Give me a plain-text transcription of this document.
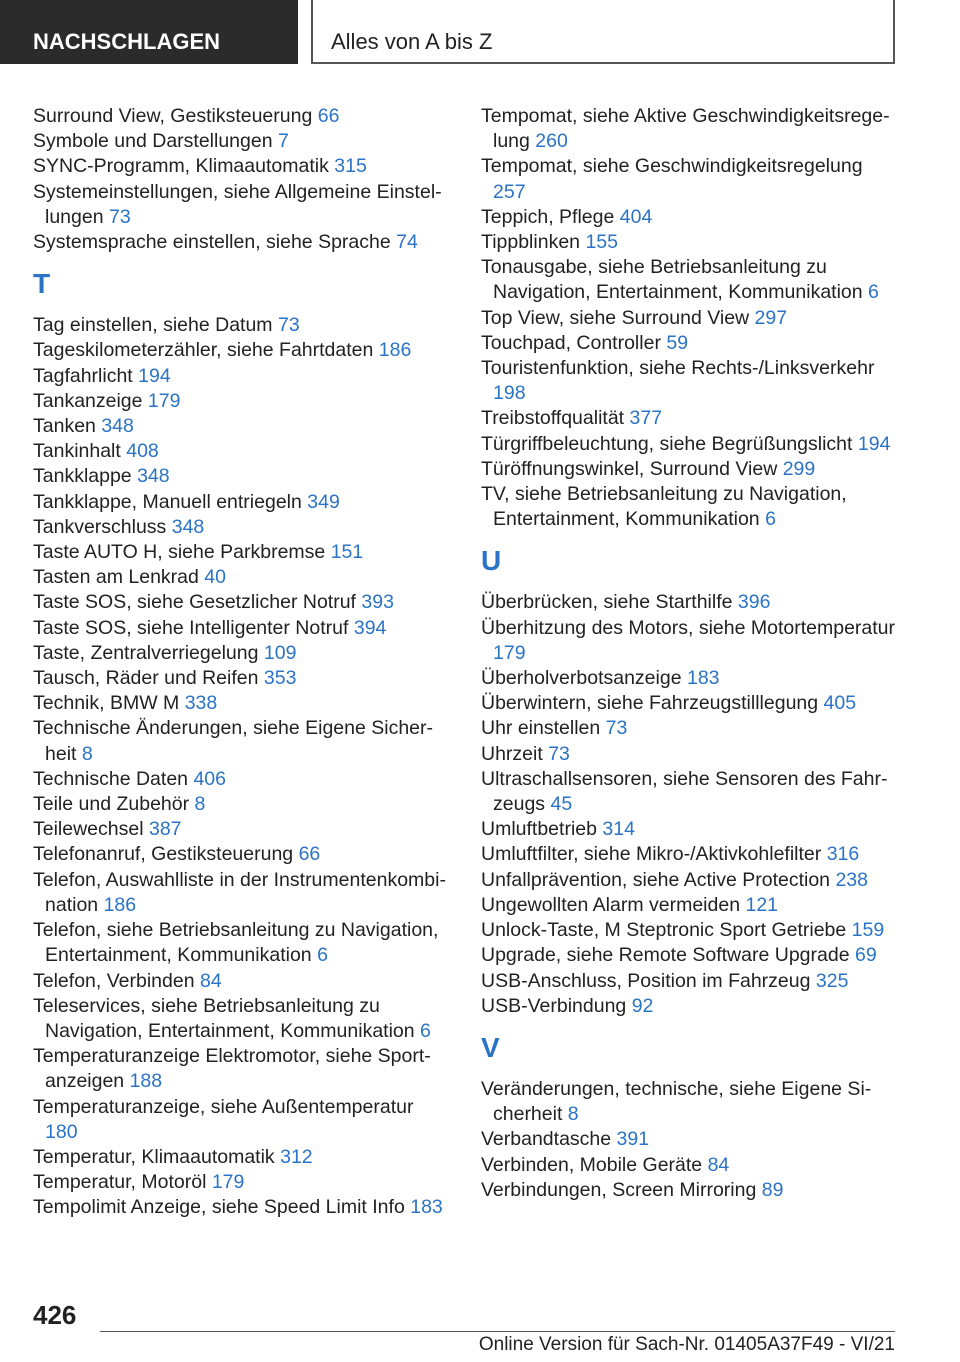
NACHSCHLAGEN	Alles von A bis Z
Surround View, Gestiksteuerung 66
Symbole und Darstellungen 7
SYNC-Programm, Klimaautomatik 315
Systemeinstellungen, siehe Allgemeine Einstellungen 73
Systemsprache einstellen, siehe Sprache 74
T
Tag einstellen, siehe Datum 73
Tageskilometerzähler, siehe Fahrtdaten 186
Tagfahrlicht 194
Tankanzeige 179
Tanken 348
Tankinhalt 408
Tankklappe 348
Tankklappe, Manuell entriegeln 349
Tankverschluss 348
Taste AUTO H, siehe Parkbremse 151
Tasten am Lenkrad 40
Taste SOS, siehe Gesetzlicher Notruf 393
Taste SOS, siehe Intelligenter Notruf 394
Taste, Zentralverriegelung 109
Tausch, Räder und Reifen 353
Technik, BMW M 338
Technische Änderungen, siehe Eigene Sicherheit 8
Technische Daten 406
Teile und Zubehör 8
Teilewechsel 387
Telefonanruf, Gestiksteuerung 66
Telefon, Auswahlliste in der Instrumentenkombination 186
Telefon, siehe Betriebsanleitung zu Navigation, Entertainment, Kommunikation 6
Telefon, Verbinden 84
Teleservices, siehe Betriebsanleitung zu Navigation, Entertainment, Kommunikation 6
Temperaturanzeige Elektromotor, siehe Sportanzeigen 188
Temperaturanzeige, siehe Außentemperatur 180
Temperatur, Klimaautomatik 312
Temperatur, Motoröl 179
Tempolimit Anzeige, siehe Speed Limit Info 183
Tempomat, siehe Aktive Geschwindigkeitsregelung 260
Tempomat, siehe Geschwindigkeitsregelung 257
Teppich, Pflege 404
Tippblinken 155
Tonausgabe, siehe Betriebsanleitung zu Navigation, Entertainment, Kommunikation 6
Top View, siehe Surround View 297
Touchpad, Controller 59
Touristenfunktion, siehe Rechts-/Linksverkehr 198
Treibstoffqualität 377
Türgriffbeleuchtung, siehe Begrüßungslicht 194
Türöffnungswinkel, Surround View 299
TV, siehe Betriebsanleitung zu Navigation, Entertainment, Kommunikation 6
U
Überbrücken, siehe Starthilfe 396
Überhitzung des Motors, siehe Motortemperatur 179
Überholverbotsanzeige 183
Überwintern, siehe Fahrzeugstilllegung 405
Uhr einstellen 73
Uhrzeit 73
Ultraschallsensoren, siehe Sensoren des Fahrzeugs 45
Umluftbetrieb 314
Umluftfilter, siehe Mikro-/Aktivkohlefilter 316
Unfallprävention, siehe Active Protection 238
Ungewollten Alarm vermeiden 121
Unlock-Taste, M Steptronic Sport Getriebe 159
Upgrade, siehe Remote Software Upgrade 69
USB-Anschluss, Position im Fahrzeug 325
USB-Verbindung 92
V
Veränderungen, technische, siehe Eigene Sicherheit 8
Verbandtasche 391
Verbinden, Mobile Geräte 84
Verbindungen, Screen Mirroring 89
426
Online Version für Sach-Nr. 01405A37F49 - VI/21
